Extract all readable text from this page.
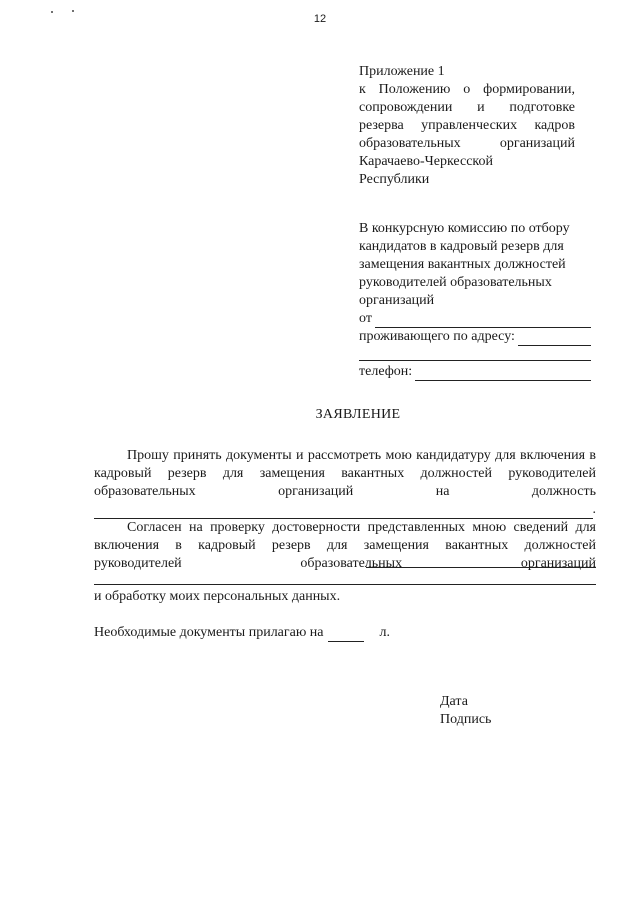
12
Приложение 1
к Положению о формировании,
сопровождении и подготовке
резерва управленческих кадров
образовательных организаций
Карачаево-Черкесской
Республики
В конкурсную комиссию по отбору
кандидатов в кадровый резерв для
замещения вакантных должностей
руководителей образовательных
организаций
от
проживающего по адресу:
телефон:
ЗАЯВЛЕНИЕ
Прошу принять документы и рассмотреть мою кандидатуру для включения в кадровый резерв для замещения вакантных должностей руководителей образовательных организаций на должность
.
Согласен на проверку достоверности представленных мною сведений для включения в кадровый резерв для замещения вакантных должностей руководителей образовательных организаций
и обработку моих персональных данных.
Необходимые документы прилагаю на	л.
Дата
Подпись
